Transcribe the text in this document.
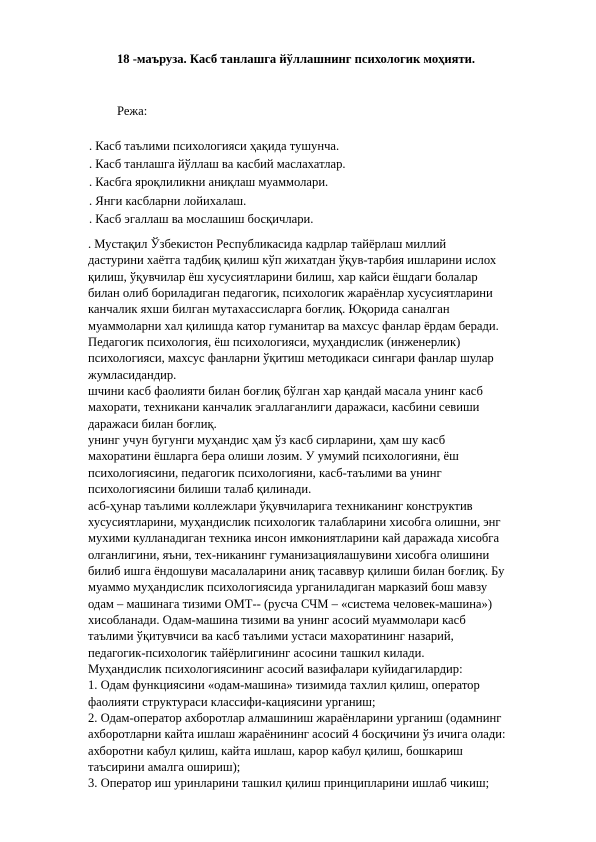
18 -маъруза. Касб танлашга йўллашнинг психологик моҳияти.

Режа:

. Касб таълими психологияси ҳақида тушунча.
. Касб танлашга йўллаш ва касбий маслахатлар.
. Касбга ярoқлиликни аниқлаш муаммолари.
. Янги касбларни лойихалаш.
. Касб эгаллаш ва мослашиш босқичлари.
. Мустақил Ўзбекистон Республикасида кадрлар тайёрлаш миллий
дастурини хаётга тадбиқ қилиш кўп жихатдан ўқув-тарбия ишларини ислох
қилиш, ўқувчилар ёш хусусиятларини билиш, хар кайси ёшдаги болалар
билан олиб бориладиган педагогик, психологик жараёнлар хусусиятларини
канчалик яхши билган мутахассисларга боғлиқ. Юқорида саналган
муаммоларни хал қилишда катор гуманитар ва махсус фанлар ёрдам беради.
Педагогик психология, ёш психологияси, муҳандислик (инженерлик)
психологияси, махсус фанларни ўқитиш методикаси сингари фанлар шулар
жумласидандир.
шчини касб фаолияти билан боғлиқ бўлган хар қандай масала унинг касб
махорати, техникани канчалик эгаллаганлиги даражаси, касбини севиши
даражаси билан боғлиқ.
унинг учун бугунги муҳандис ҳам ўз касб сирларини, ҳам шу касб
махоратини ёшларга бера олиши лозим. У умумий психологияни, ёш
психологиясини, педагогик психологияни, касб-таълими ва унинг
психологиясини билиши талаб қилинади.
асб-ҳунар таълими коллежлари ўқувчиларига техниканинг конструктив
хусусиятларини, муҳандислик психологик талабларини хисобга олишни, энг
мухими кулланадиган техника инсон имкониятларини кай даражада хисобга
олганлигини, яъни, тех-никанинг гуманизациялашувини хисобга олишини
билиб ишга ёндошуви масалаларини аниқ тасаввур қилиши билан боғлиқ. Бу
муаммо муҳандислик психологиясида урганиладиган марказий бош мавзу
одам – машинага тизими ОМТ-- (русча СЧМ – «система человек-машина»)
хисобланади. Одам-машина тизими ва унинг асосий муаммолари касб
таълими ўқитувчиси ва касб таълими устаси махоратининг назарий,
педагогик-психологик тайёрлигининг асосини ташкил килади.
Муҳандислик психологиясининг асосий вазифалари куйидагилардир:
1. Одам функциясини «одам-машина» тизимида тахлил қилиш, оператор
фаолияти структураси классифи-кациясини урганиш;
2. Одам-оператор ахборотлар алмашиниш жараёнларини урганиш (одамнинг
ахборотларни кайта ишлаш жараёнининг асосий 4 босқичини ўз ичига олади:
ахборотни кабул қилиш, кайта ишлаш, карор кабул қилиш, бошкариш
таъсирини амалга ошириш);
3. Оператор иш уринларини ташкил қилиш принципларини ишлаб чикиш;
